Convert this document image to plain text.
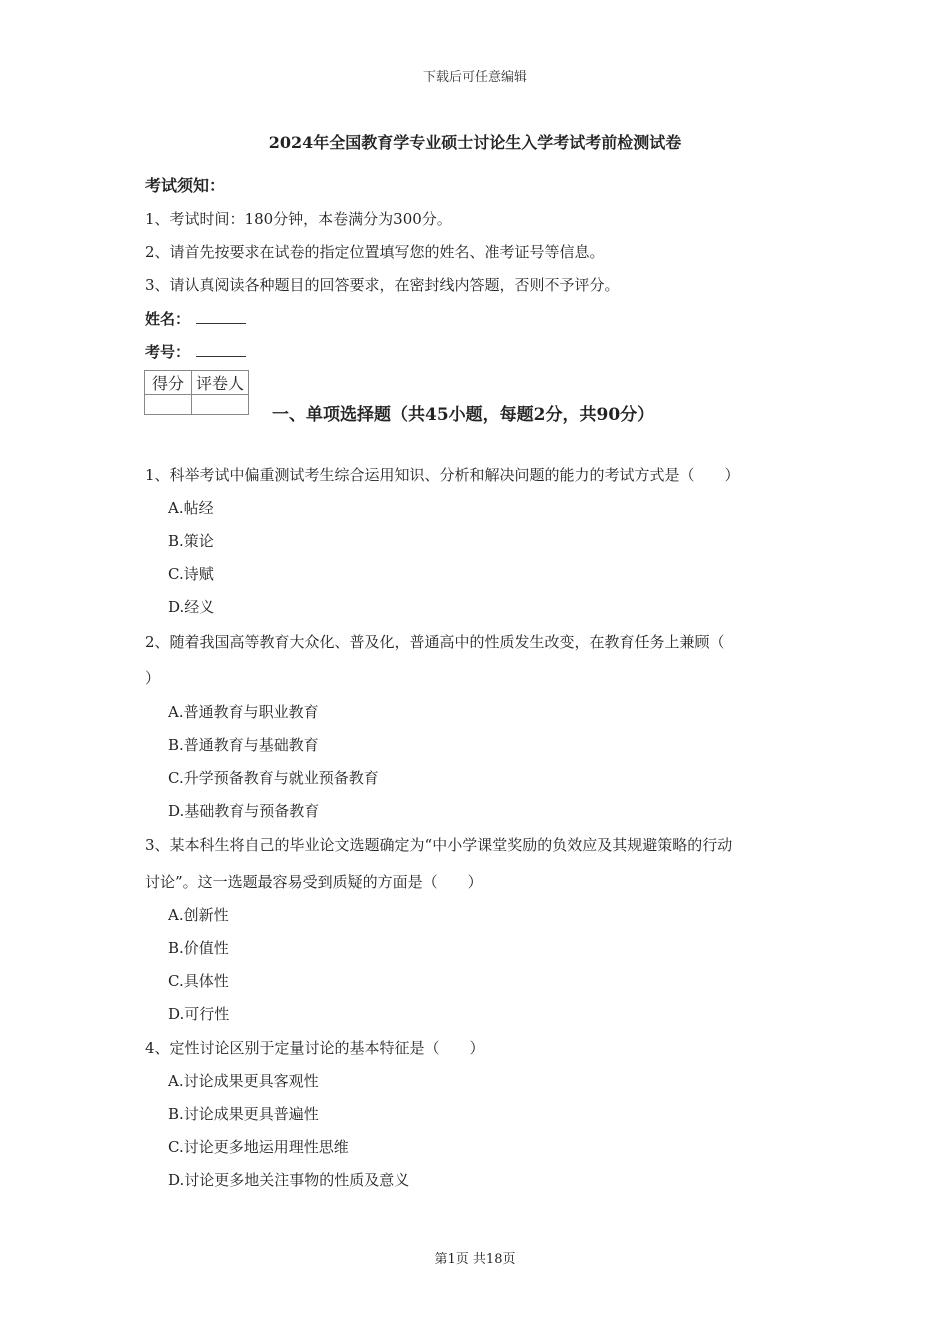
下载后可任意编辑
2024年全国教育学专业硕士讨论生入学考试考前检测试卷
考试须知：
1、考试时间：180分钟，本卷满分为300分。
2、请首先按要求在试卷的指定位置填写您的姓名、准考证号等信息。
3、请认真阅读各种题目的回答要求，在密封线内答题，否则不予评分。
姓名：
考号：
得分	评卷人

一、单项选择题（共45小题，每题2分，共90分）
1、科举考试中偏重测试考生综合运用知识、分析和解决问题的能力的考试方式是（　　）
A.帖经
B.策论
C.诗赋
D.经义
2、随着我国高等教育大众化、普及化，普通高中的性质发生改变，在教育任务上兼顾（
）
A.普通教育与职业教育
B.普通教育与基础教育
C.升学预备教育与就业预备教育
D.基础教育与预备教育
3、某本科生将自己的毕业论文选题确定为“中小学课堂奖励的负效应及其规避策略的行动
讨论”。这一选题最容易受到质疑的方面是（　　）
A.创新性
B.价值性
C.具体性
D.可行性
4、定性讨论区别于定量讨论的基本特征是（　　）
A.讨论成果更具客观性
B.讨论成果更具普遍性
C.讨论更多地运用理性思维
D.讨论更多地关注事物的性质及意义
第1页 共18页
